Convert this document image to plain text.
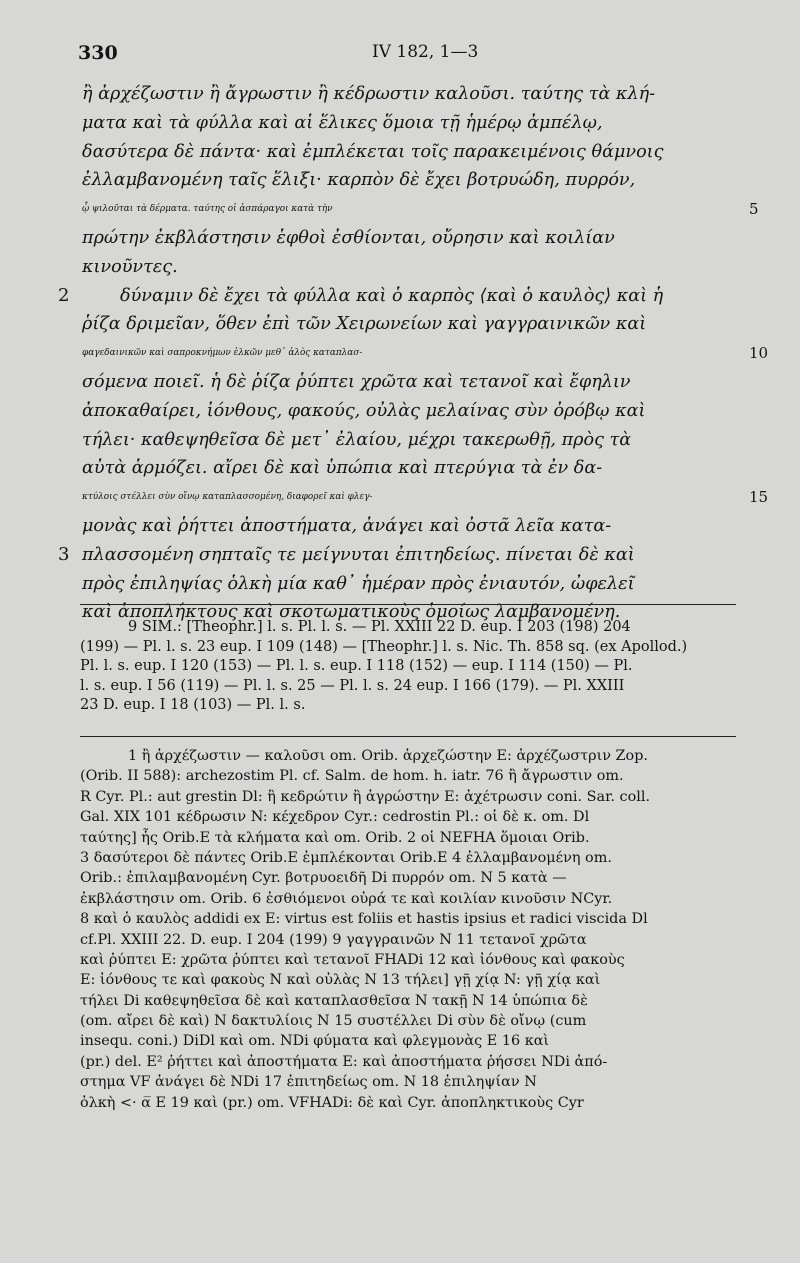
330	IV 182, 1—3
ἢ ἀρχέζωστιν ἢ ἄγρωστιν ἢ κέδρωστιν καλοῦσι. ταύτης τὰ κλή-
ματα καὶ τὰ φύλλα καὶ αἱ ἕλικες ὅμοια τῇ ἡμέρῳ ἀμπέλῳ,
δασύτερα δὲ πάντα· καὶ ἐμπλέκεται τοῖς παρακειμένοις θάμνοις
ἐλλαμβανομένη ταῖς ἕλιξι· καρπὸν δὲ ἔχει βοτρυώδη, πυρρόν,
ᾧ ψιλοῦται τὰ δέρματα. ταύτης οἱ ἀσπάραγοι κατὰ τὴν	5
πρώτην ἐκβλάστησιν ἑφθοὶ ἐσθίονται, οὔρησιν καὶ κοιλίαν
κινοῦντες.
2	δύναμιν δὲ ἔχει τὰ φύλλα καὶ ὁ καρπὸς ⟨καὶ ὁ καυλὸς⟩ καὶ ἡ
ῥίζα δριμεῖαν, ὅθεν ἐπὶ τῶν Χειρωνείων καὶ γαγγραινικῶν καὶ
φαγεδαινικῶν καὶ σαπροκνήμων ἑλκῶν μεθ᾽ ἁλὸς καταπλασ-	10
σόμενα ποιεῖ. ἡ δὲ ῥίζα ῥύπτει χρῶτα καὶ τετανοῖ καὶ ἔφηλιν
ἀποκαθαίρει, ἰόνθους, φακούς, οὐλὰς μελαίνας σὺν ὀρόβῳ καὶ
τήλει· καθεψηθεῖσα δὲ μετ᾽ ἐλαίου, μέχρι τακερωθῇ, πρὸς τὰ
αὐτὰ ἁρμόζει. αἴρει δὲ καὶ ὑπώπια καὶ πτερύγια τὰ ἐν δα-
κτύλοις στέλλει σὺν οἴνῳ καταπλασσομένη, διαφορεῖ καὶ φλεγ-	15
μονὰς καὶ ῥήττει ἀποστήματα, ἀνάγει καὶ ὀστᾶ λεῖα κατα-
3 πλασσομένη σηπταῖς τε μείγνυται ἐπιτηδείως. πίνεται δὲ καὶ
πρὸς ἐπιληψίας ὁλκὴ μία καθ᾽ ἡμέραν πρὸς ἐνιαυτόν, ὠφελεῖ
καὶ ἀποπλήκτους καὶ σκοτωματικοὺς ὁμοίως λαμβανομένη.
9 SIM.: [Theophr.] l. s. Pl. l. s. — Pl. XXIII 22 D. eup. I 203 (198) 204
(199) — Pl. l. s. 23 eup. I 109 (148) — [Theophr.] l. s. Nic. Th. 858 sq. (ex Apollod.)
Pl. l. s. eup. I 120 (153) — Pl. l. s. eup. I 118 (152) — eup. I 114 (150) — Pl.
l. s. eup. I 56 (119) — Pl. l. s. 25 — Pl. l. s. 24 eup. I 166 (179). — Pl. XXIII
23 D. eup. I 18 (103) — Pl. l. s.
1 ἢ ἀρχέζωστιν — καλοῦσι om. Orib. ἀρχεζώστην E: ἀρχέζωστριν Zop.
(Orib. II 588): archezostim Pl. cf. Salm. de hom. h. iatr. 76 ἢ ἄγρωστιν om.
R Cyr. Pl.: aut grestin Dl: ἢ κεδρώτιν ἢ ἀγρώστην E: ἀχέτρωσιν coni. Sar. coll.
Gal. XIX 101 κέδρωσιν N: κέχεδρον Cyr.: cedrostin Pl.: οἱ δὲ κ. om. Dl
ταύτης] ἧς Orib.E τὰ κλήματα καὶ om. Orib. 2 οἱ NEFHA ὅμοιαι Orib.
3 δασύτεροι δὲ πάντες Orib.E ἐμπλέκονται Orib.E 4 ἐλλαμβανομένη om.
Orib.: ἐπιλαμβανομένη Cyr. βοτρυοειδῆ Di πυρρόν om. N 5 κατὰ —
ἐκβλάστησιν om. Orib. 6 ἐσθιόμενοι οὐρά τε καὶ κοιλίαν κινοῦσιν NCyr.
8 καὶ ὁ καυλὸς addidi ex E: virtus est foliis et hastis ipsius et radici viscida Dl
cf.Pl. XXIII 22. D. eup. I 204 (199) 9 γαγγραινῶν N 11 τετανοῖ χρῶτα
καὶ ῥύπτει E: χρῶτα ῥύπτει καὶ τετανοῖ FHADi 12 καὶ ἰόνθους καὶ φακοὺς
E: ἰόνθους τε καὶ φακοὺς N καὶ οὐλὰς N 13 τήλει] γῇ χίᾳ N: γῇ χίᾳ καὶ
τήλει Di καθεψηθεῖσα δὲ καὶ καταπλασθεῖσα N τακῇ N 14 ὑπώπια δὲ
(om. αἴρει δὲ καὶ) N δακτυλίοις N 15 συστέλλει Di σὺν δὲ οἴνῳ (cum
insequ. coni.) DiDl καὶ om. NDi φύματα καὶ φλεγμονὰς E 16 καὶ
(pr.) del. E² ῥήττει καὶ ἀποστήματα E: καὶ ἀποστήματα ῥήσσει NDi ἀπό-
στημα VF ἀνάγει δὲ NDi 17 ἐπιτηδείως om. N 18 ἐπιληψίαν N
ὁλκὴ <· α̅ E 19 καὶ (pr.) om. VFHADi: δὲ καὶ Cyr. ἀποπληκτικοὺς Cyr
